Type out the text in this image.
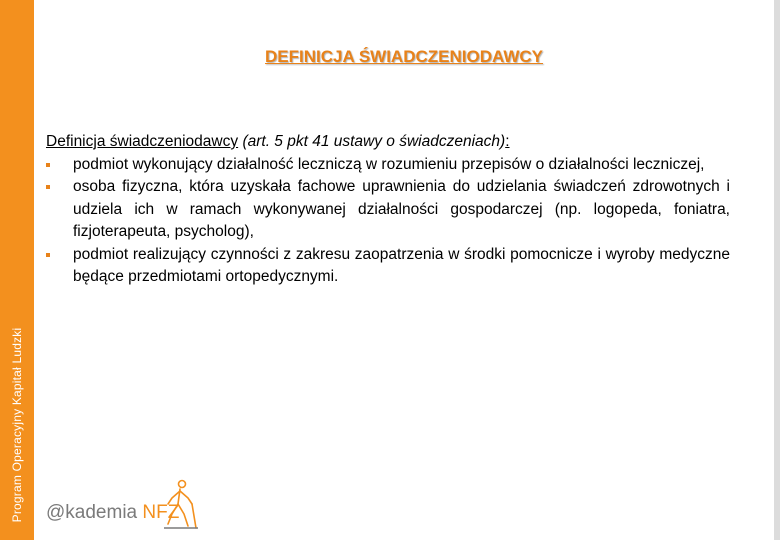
Program Operacyjny Kapitał Ludzki
DEFINICJA ŚWIADCZENIODAWCY

Definicja świadczeniodawcy (art. 5 pkt 41 ustawy o świadczeniach):

podmiot wykonujący działalność leczniczą w rozumieniu przepisów o działalności leczniczej,
osoba fizyczna, która uzyskała fachowe uprawnienia do udzielania świadczeń zdrowotnych i udziela ich w ramach wykonywanej działalności gospodarczej (np. logopeda, foniatra, fizjoterapeuta, psycholog),
podmiot realizujący czynności z zakresu zaopatrzenia w środki pomocnicze i wyroby medyczne będące przedmiotami ortopedycznymi.
@kademia NFZ
